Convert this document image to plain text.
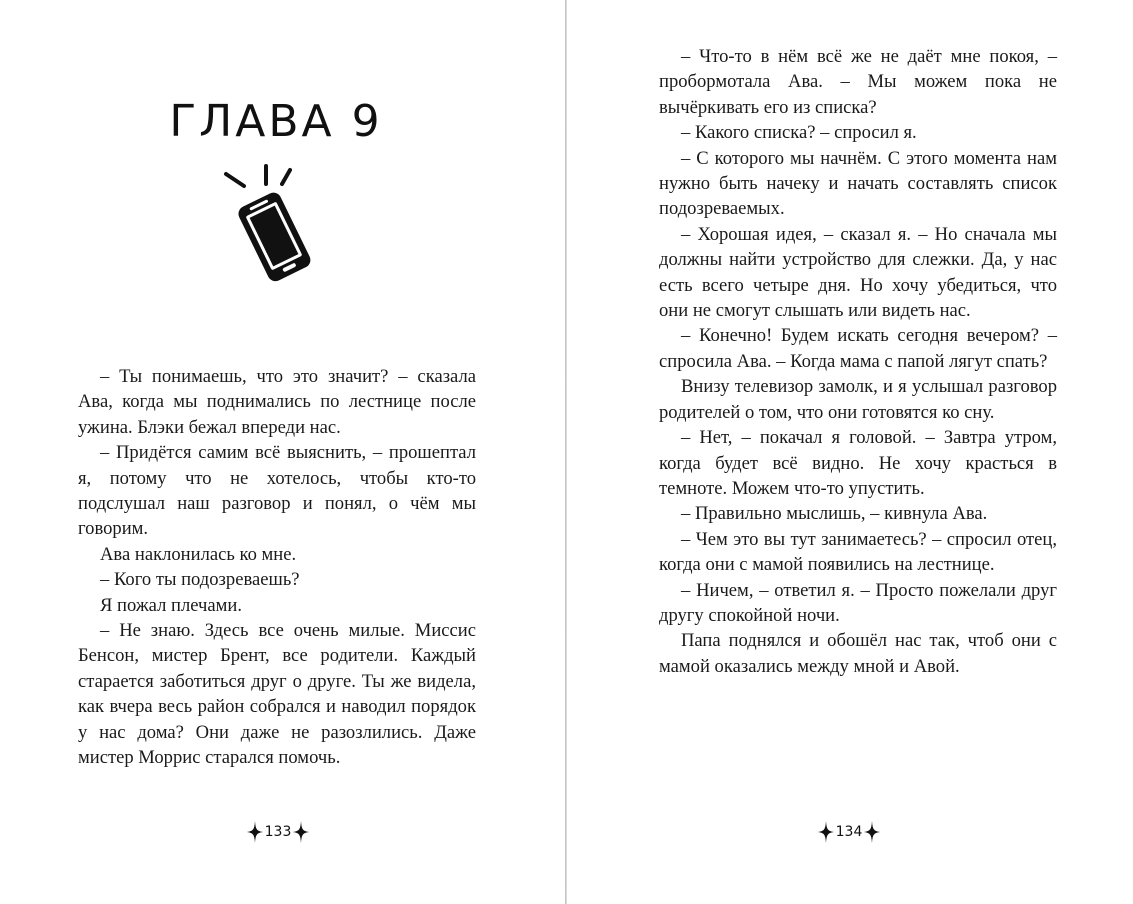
ГЛАВА 9

– Ты понимаешь, что это значит? – сказала Ава, когда мы поднимались по лестнице после ужина. Блэки бежал впереди нас.

– Придётся самим всё выяснить, – прошептал я, потому что не хотелось, чтобы кто-то подслушал наш разговор и понял, о чём мы говорим.

Ава наклонилась ко мне.

– Кого ты подозреваешь?

Я пожал плечами.

– Не знаю. Здесь все очень милые. Миссис Бенсон, мистер Брент, все родители. Каждый старается заботиться друг о друге. Ты же видела, как вчера весь район собрался и наводил порядок у нас дома? Они даже не разозлились. Даже мистер Моррис старался помочь.

133

– Что-то в нём всё же не даёт мне покоя, – пробормотала Ава. – Мы можем пока не вычёркивать его из списка?

– Какого списка? – спросил я.

– С которого мы начнём. С этого момента нам нужно быть начеку и начать составлять список подозреваемых.

– Хорошая идея, – сказал я. – Но сначала мы должны найти устройство для слежки. Да, у нас есть всего четыре дня. Но хочу убедиться, что они не смогут слышать или видеть нас.

– Конечно! Будем искать сегодня вечером? – спросила Ава. – Когда мама с папой лягут спать?

Внизу телевизор замолк, и я услышал разговор родителей о том, что они готовятся ко сну.

– Нет, – покачал я головой. – Завтра утром, когда будет всё видно. Не хочу красться в темноте. Можем что-то упустить.

– Правильно мыслишь, – кивнула Ава.

– Чем это вы тут занимаетесь? – спросил отец, когда они с мамой появились на лестнице.

– Ничем, – ответил я. – Просто пожелали друг другу спокойной ночи.

Папа поднялся и обошёл нас так, чтоб они с мамой оказались между мной и Авой.

134
